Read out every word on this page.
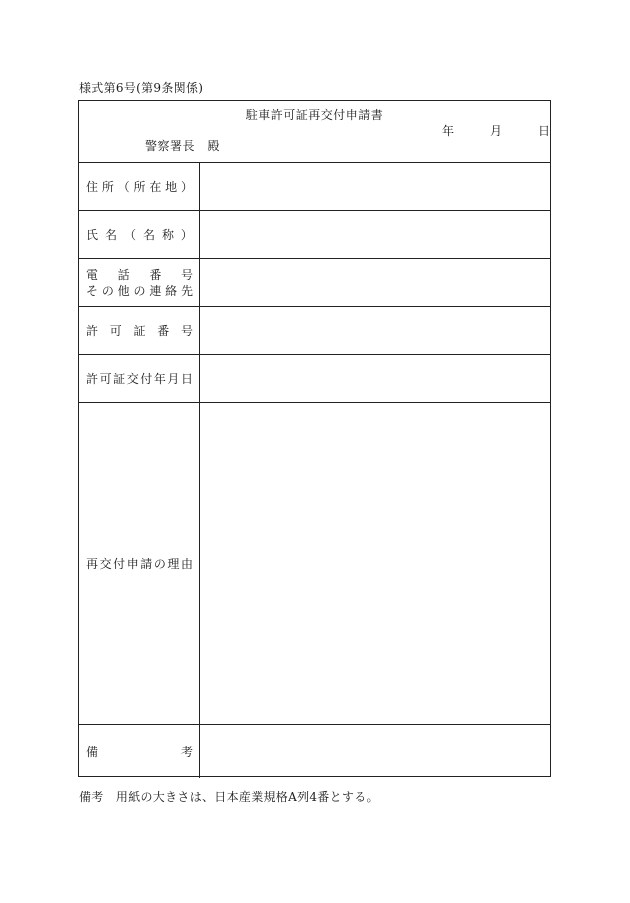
様式第6号(第9条関係)
駐車許可証再交付申請書
年	月	日
警察署長　殿
住 所 （ 所 在 地 ）
氏 名 （ 名 称 ）
電 話 番 号
そ の 他 の 連 絡 先
許 可 証 番 号
許 可 証 交 付 年 月 日
再 交 付 申 請 の 理 由
備	考
備考　用紙の大きさは、日本産業規格A列4番とする。
